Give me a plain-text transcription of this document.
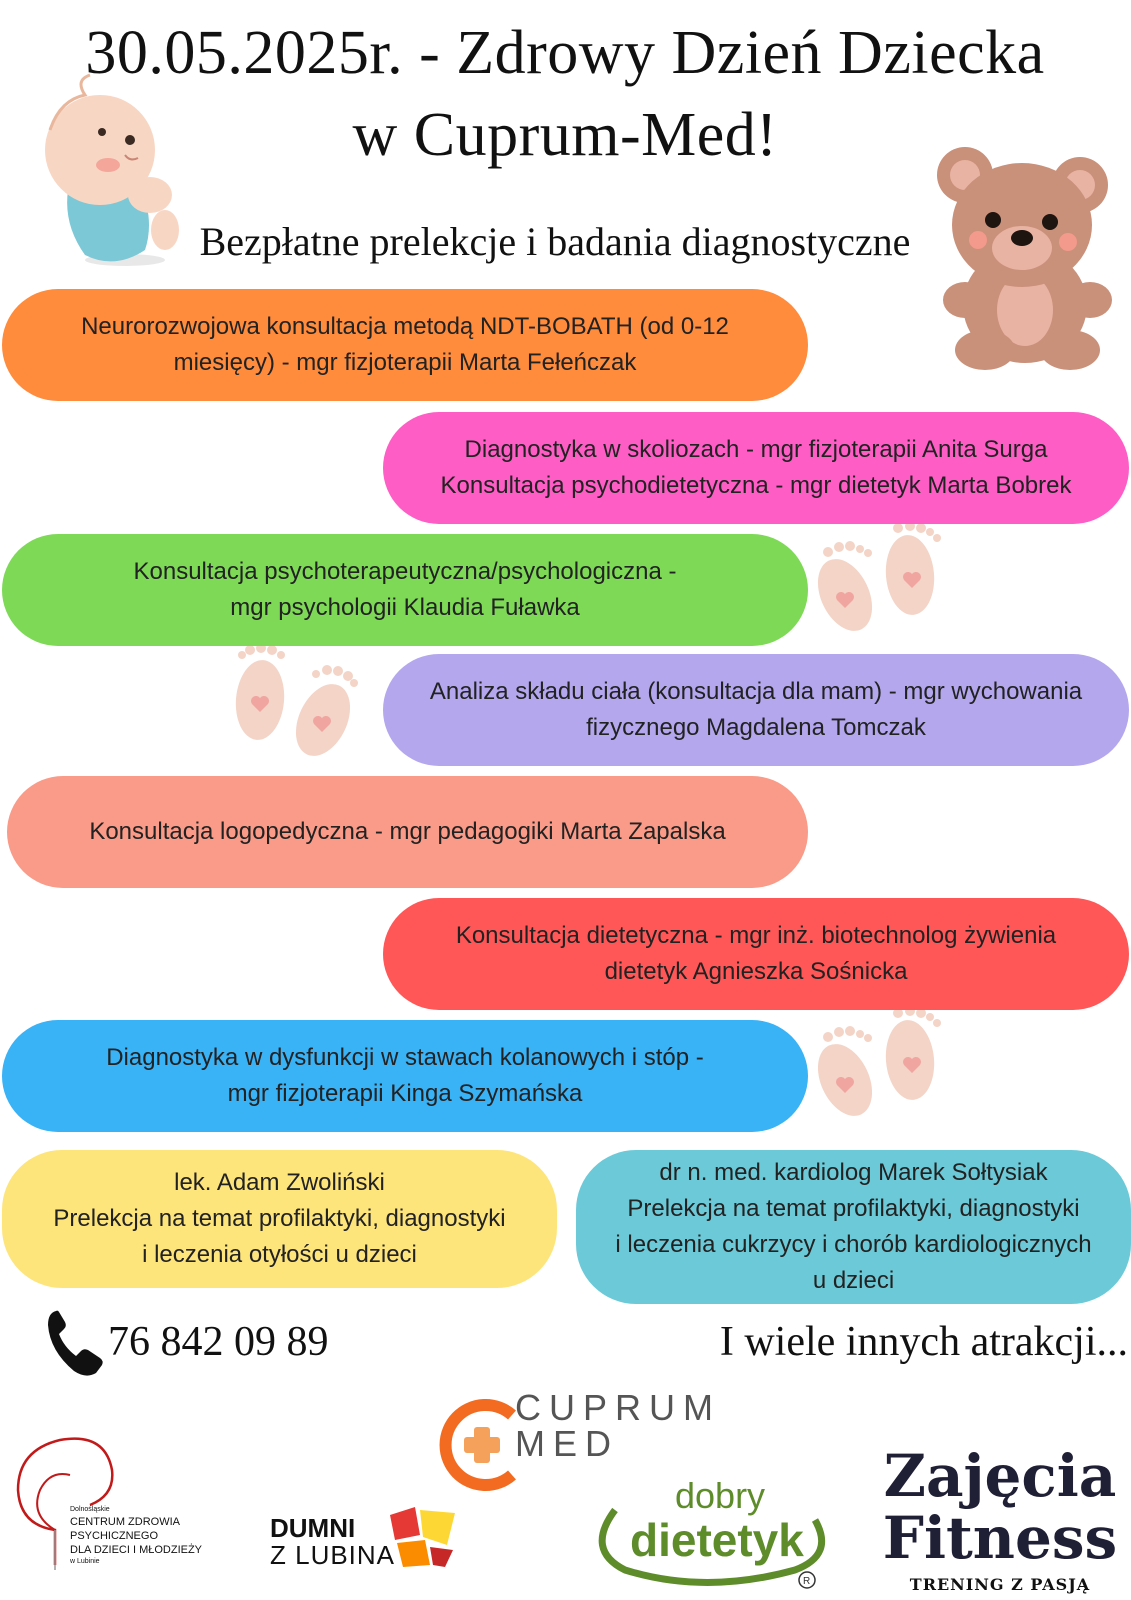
30.05.2025r. - Zdrowy Dzień Dziecka
w Cuprum-Med!
Bezpłatne prelekcje i badania diagnostyczne
Neurorozwojowa konsultacja metodą NDT-BOBATH (od 0-12
miesięcy) - mgr fizjoterapii Marta Fełeńczak
Diagnostyka w skoliozach - mgr fizjoterapii Anita Surga
Konsultacja psychodietetyczna - mgr dietetyk Marta Bobrek
Konsultacja psychoterapeutyczna/psychologiczna -
mgr psychologii Klaudia Fuławka
Analiza składu ciała (konsultacja dla mam) - mgr wychowania
fizycznego Magdalena Tomczak
Konsultacja logopedyczna - mgr pedagogiki Marta Zapalska
Konsultacja dietetyczna - mgr inż. biotechnolog żywienia
dietetyk Agnieszka Sośnicka
Diagnostyka w dysfunkcji w stawach kolanowych i stóp -
mgr fizjoterapii Kinga Szymańska
lek. Adam Zwoliński
Prelekcja na temat profilaktyki, diagnostyki
i leczenia otyłości u dzieci
dr n. med. kardiolog Marek Sołtysiak
Prelekcja na temat profilaktyki, diagnostyki
i leczenia cukrzycy i chorób kardiologicznych
u dzieci
76 842 09 89	I wiele innych atrakcji...
Dolnośląskie
CENTRUM ZDROWIA
PSYCHICZNEGO
DLA DZIECI I MŁODZIEŻY
w Lubinie
DUMNI
Z LUBINA
CUPRUM
MED
R
dobry
dietetyk
Zajęcia
Fitness
TRENING Z PASJĄ
